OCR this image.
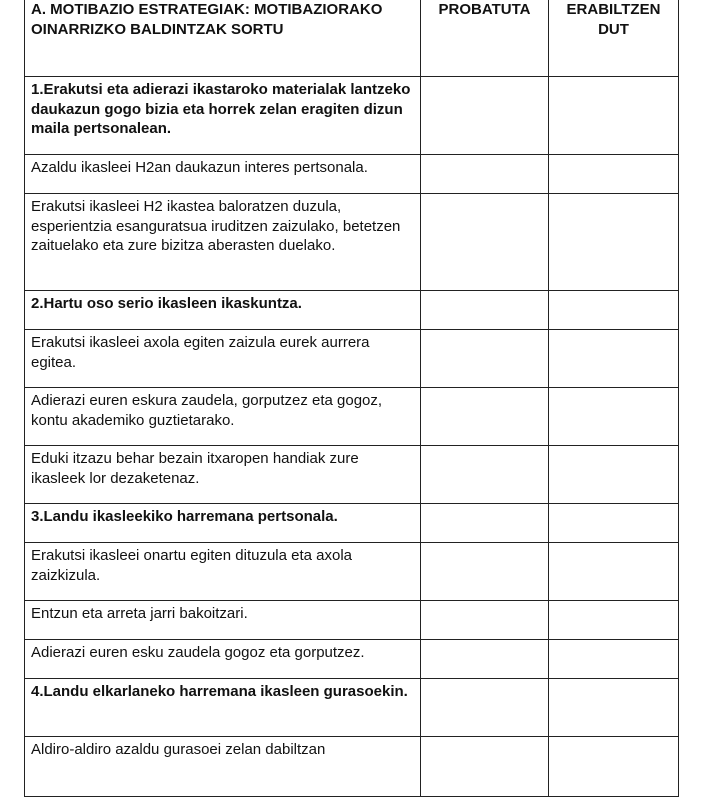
A. MOTIBAZIO ESTRATEGIAK: MOTIBAZIORAKO OINARRIZKO BALDINTZAK SORTU	PROBATUTA	ERABILTZEN DUT
1.Erakutsi eta adierazi ikastaroko materialak lantzeko daukazun gogo bizia eta horrek zelan eragiten dizun maila pertsonalean.		
Azaldu ikasleei H2an daukazun interes pertsonala.		
Erakutsi ikasleei H2 ikastea baloratzen duzula, esperientzia esanguratsua iruditzen zaizulako, betetzen zaituelako eta zure bizitza aberasten duelako.		
2.Hartu oso serio ikasleen ikaskuntza.		
Erakutsi ikasleei axola egiten zaizula eurek aurrera egitea.		
Adierazi euren eskura zaudela, gorputzez eta gogoz, kontu akademiko guztietarako.		
Eduki itzazu behar bezain itxaropen handiak zure ikasleek lor dezaketenaz.		
3.Landu ikasleekiko harremana pertsonala.		
Erakutsi ikasleei onartu egiten dituzula eta axola zaizkizula.		
Entzun eta arreta jarri bakoitzari.		
Adierazi euren esku zaudela gogoz eta gorputzez.		
4.Landu elkarlaneko harremana ikasleen gurasoekin.		
Aldiro-aldiro azaldu gurasoei zelan dabiltzan		
